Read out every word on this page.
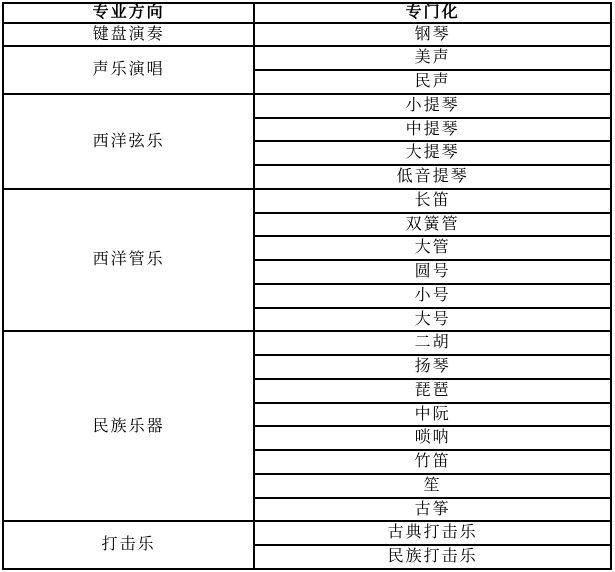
专业方向	专门化
键盘演奏	钢琴
声乐演唱	美声
	民声
西洋弦乐	小提琴
	中提琴
	大提琴
	低音提琴
西洋管乐	长笛
	双簧管
	大管
	圆号
	小号
	大号
民族乐器	二胡
	扬琴
	琵琶
	中阮
	唢呐
	竹笛
	笙
	古筝
打击乐	古典打击乐
	民族打击乐
